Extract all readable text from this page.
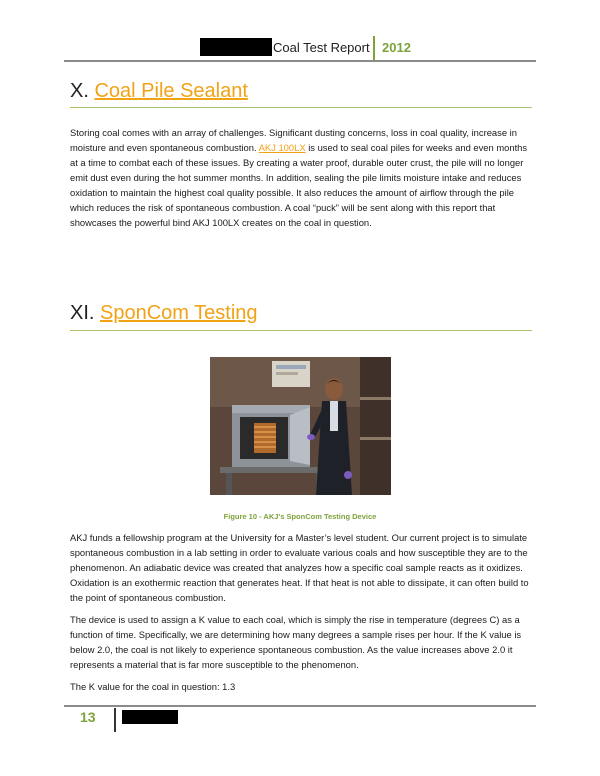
Coal Test Report 2012
X. Coal Pile Sealant
Storing coal comes with an array of challenges. Significant dusting concerns, loss in coal quality, increase in moisture and even spontaneous combustion. AKJ 100LX is used to seal coal piles for weeks and even months at a time to combat each of these issues. By creating a water proof, durable outer crust, the pile will no longer emit dust even during the hot summer months. In addition, sealing the pile limits moisture intake and reduces oxidation to maintain the highest coal quality possible. It also reduces the amount of airflow through the pile which reduces the risk of spontaneous combustion. A coal “puck” will be sent along with this report that showcases the powerful bind AKJ 100LX creates on the coal in question.
XI. SponCom Testing
Figure 10 - AKJ's SponCom Testing Device
AKJ funds a fellowship program at the University for a Master’s level student. Our current project is to simulate spontaneous combustion in a lab setting in order to evaluate various coals and how susceptible they are to the phenomenon. An adiabatic device was created that analyzes how a specific coal sample reacts as it oxidizes. Oxidation is an exothermic reaction that generates heat. If that heat is not able to dissipate, it can often build to the point of spontaneous combustion.
The device is used to assign a K value to each coal, which is simply the rise in temperature (degrees C) as a function of time. Specifically, we are determining how many degrees a sample rises per hour. If the K value is below 2.0, the coal is not likely to experience spontaneous combustion. As the value increases above 2.0 it represents a material that is far more susceptible to the phenomenon.
The K value for the coal in question: 1.3
13
